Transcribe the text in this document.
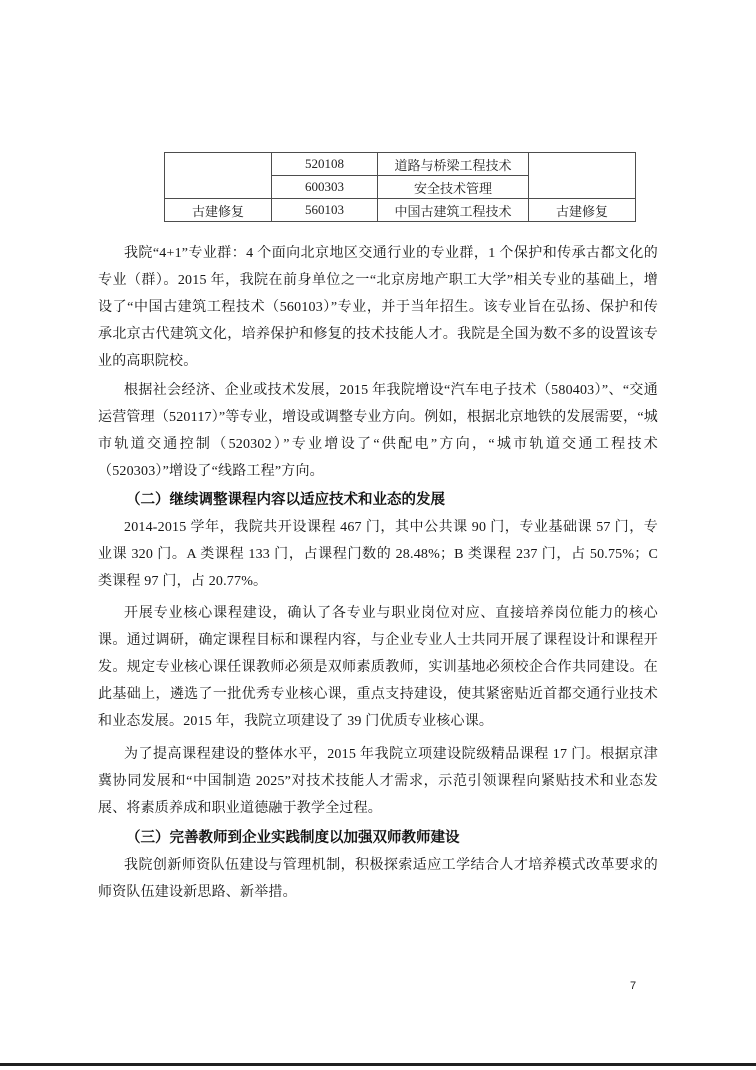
	520108	道路与桥梁工程技术	
	600303	安全技术管理	
古建修复	560103	中国古建筑工程技术	古建修复

我院“4+1”专业群：4 个面向北京地区交通行业的专业群，1 个保护和传承古都文化的专业（群）。2015 年，我院在前身单位之一“北京房地产职工大学”相关专业的基础上，增设了“中国古建筑工程技术（560103）”专业，并于当年招生。该专业旨在弘扬、保护和传承北京古代建筑文化，培养保护和修复的技术技能人才。我院是全国为数不多的设置该专业的高职院校。

根据社会经济、企业或技术发展，2015 年我院增设“汽车电子技术（580403）”、“交通运营管理（520117）”等专业，增设或调整专业方向。例如，根据北京地铁的发展需要，“城市轨道交通控制（520302）”专业增设了“供配电”方向，“城市轨道交通工程技术（520303）”增设了“线路工程”方向。

（二）继续调整课程内容以适应技术和业态的发展

2014-2015 学年，我院共开设课程 467 门，其中公共课 90 门，专业基础课 57 门，专业课 320 门。A 类课程 133 门，占课程门数的 28.48%；B 类课程 237 门，占 50.75%；C 类课程 97 门，占 20.77%。

开展专业核心课程建设，确认了各专业与职业岗位对应、直接培养岗位能力的核心课。通过调研，确定课程目标和课程内容，与企业专业人士共同开展了课程设计和课程开发。规定专业核心课任课教师必须是双师素质教师，实训基地必须校企合作共同建设。在此基础上，遴选了一批优秀专业核心课，重点支持建设，使其紧密贴近首都交通行业技术和业态发展。2015 年，我院立项建设了 39 门优质专业核心课。

为了提高课程建设的整体水平，2015 年我院立项建设院级精品课程 17 门。根据京津冀协同发展和“中国制造 2025”对技术技能人才需求，示范引领课程向紧贴技术和业态发展、将素质养成和职业道德融于教学全过程。

（三）完善教师到企业实践制度以加强双师教师建设

我院创新师资队伍建设与管理机制，积极探索适应工学结合人才培养模式改革要求的师资队伍建设新思路、新举措。

7
